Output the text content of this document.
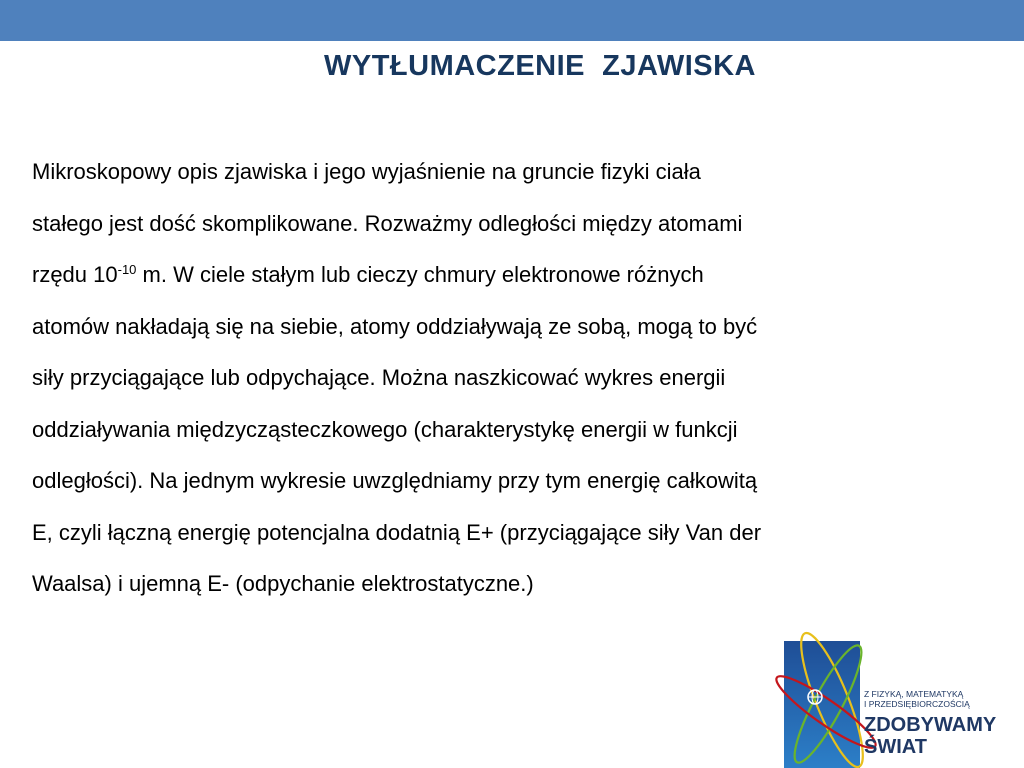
WYTŁUMACZENIE  ZJAWISKA
Mikroskopowy opis zjawiska i jego wyjaśnienie na gruncie fizyki ciała
stałego jest dość skomplikowane. Rozważmy odległości między atomami
rzędu $10^{-10}$ m. W ciele stałym lub cieczy chmury elektronowe różnych
atomów nakładają się na siebie, atomy oddziaływają ze sobą, mogą to być
siły przyciągające lub odpychające. Można naszkicować wykres energii
oddziaływania międzycząsteczkowego (charakterystykę energii w funkcji
odległości). Na jednym wykresie uwzględniamy przy tym energię całkowitą
E, czyli łączną energię potencjalna dodatnią E+ (przyciągające siły Van der
Waalsa) i ujemną E- (odpychanie elektrostatyczne.)
Z FIZYKĄ, MATEMATYKĄ
I PRZEDSIĘBIORCZOŚCIĄ
ZDOBYWAMY
ŚWIAT
